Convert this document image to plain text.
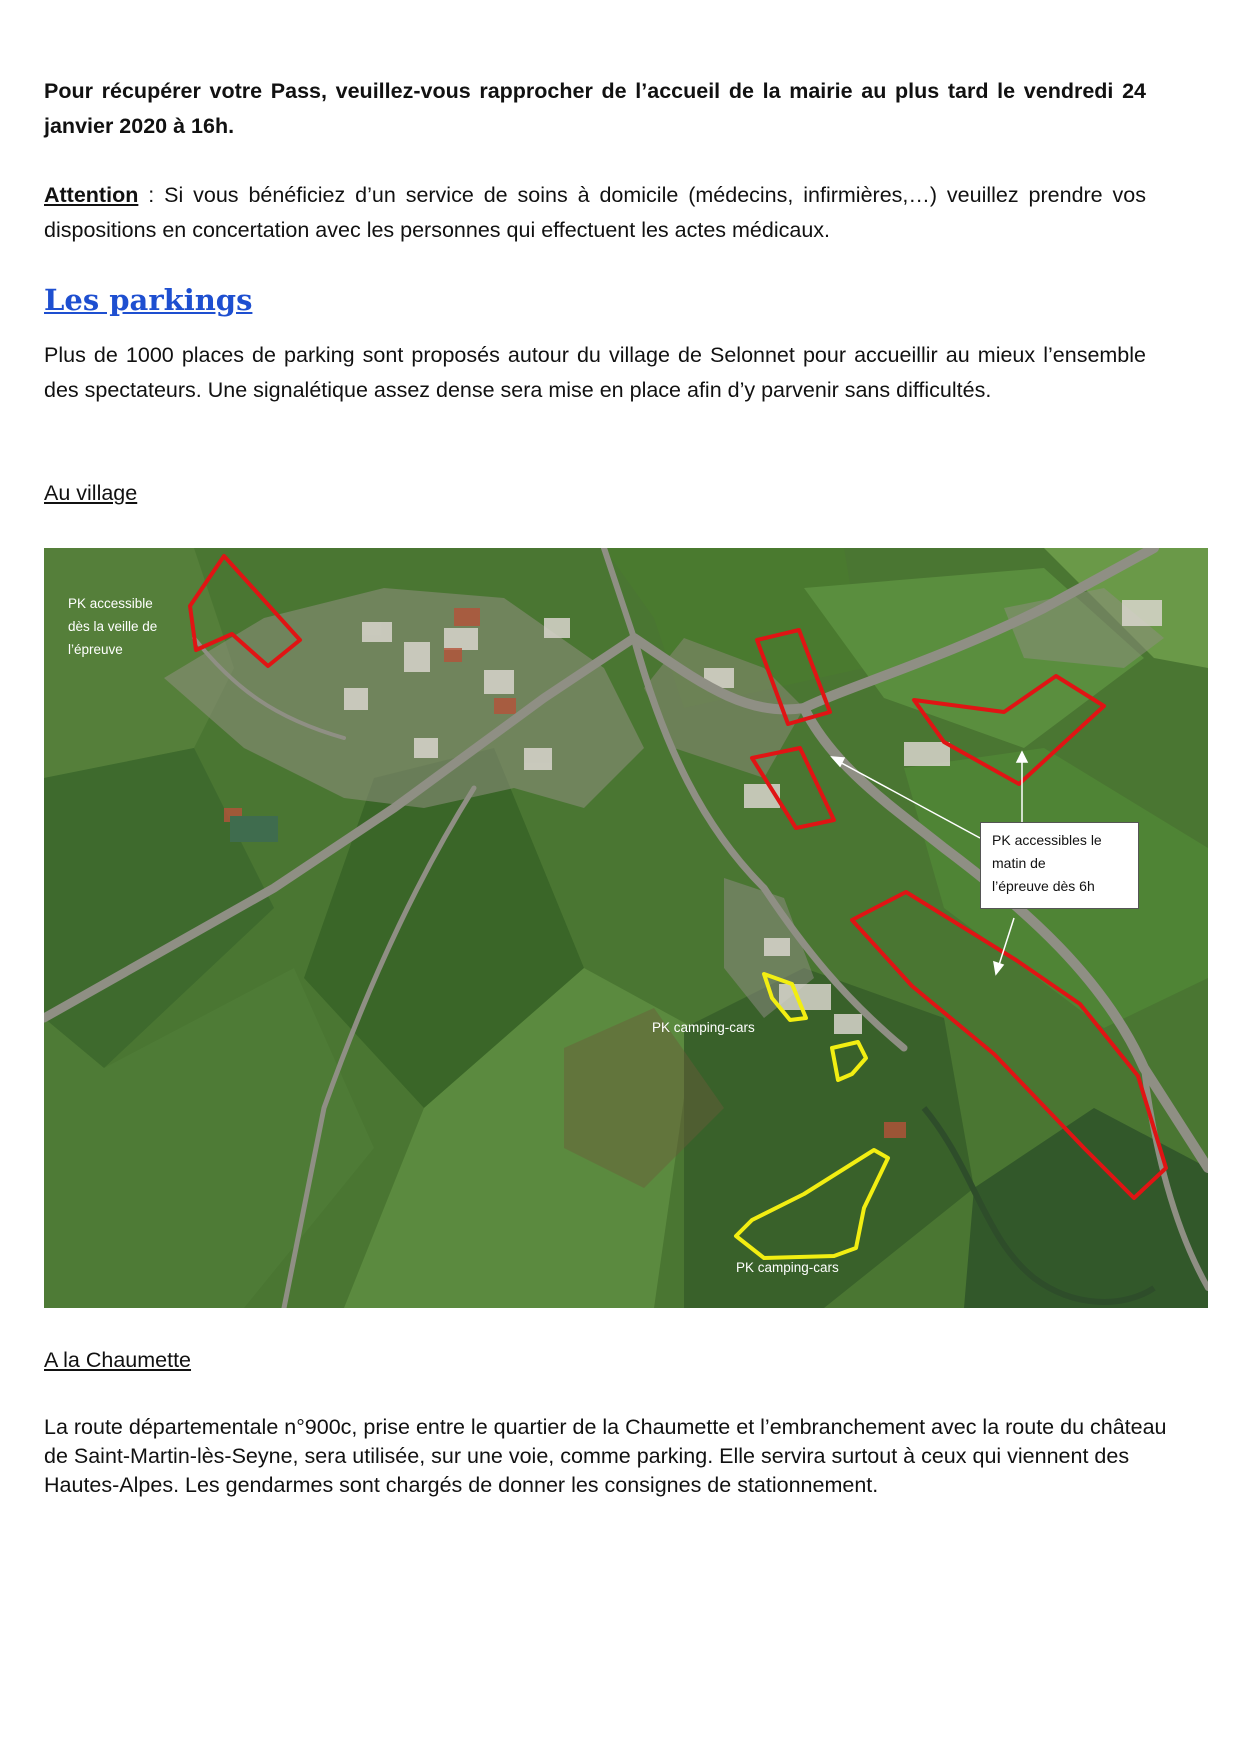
Pour récupérer votre Pass, veuillez-vous rapprocher de l’accueil de la mairie au plus tard le vendredi 24 janvier 2020 à 16h.
Attention : Si vous bénéficiez d’un service de soins à domicile (médecins, infirmières,…) veuillez prendre vos dispositions en concertation avec les personnes qui effectuent les actes médicaux.
Les parkings
Plus de 1000 places de parking sont proposés autour du village de Selonnet pour accueillir au mieux l’ensemble des spectateurs. Une signalétique assez dense sera mise en place afin d’y parvenir sans difficultés.
Au village
PK accessible
dès la veille de
l’épreuve
PK accessibles le
matin de
l’épreuve dès 6h
PK camping-cars
PK camping-cars
A la Chaumette
La route départementale n°900c, prise entre le quartier de la Chaumette et l’embranchement avec la route du château de Saint-Martin-lès-Seyne, sera utilisée, sur une voie, comme parking. Elle servira surtout à ceux qui viennent des Hautes-Alpes. Les gendarmes sont chargés de donner les consignes de stationnement.
